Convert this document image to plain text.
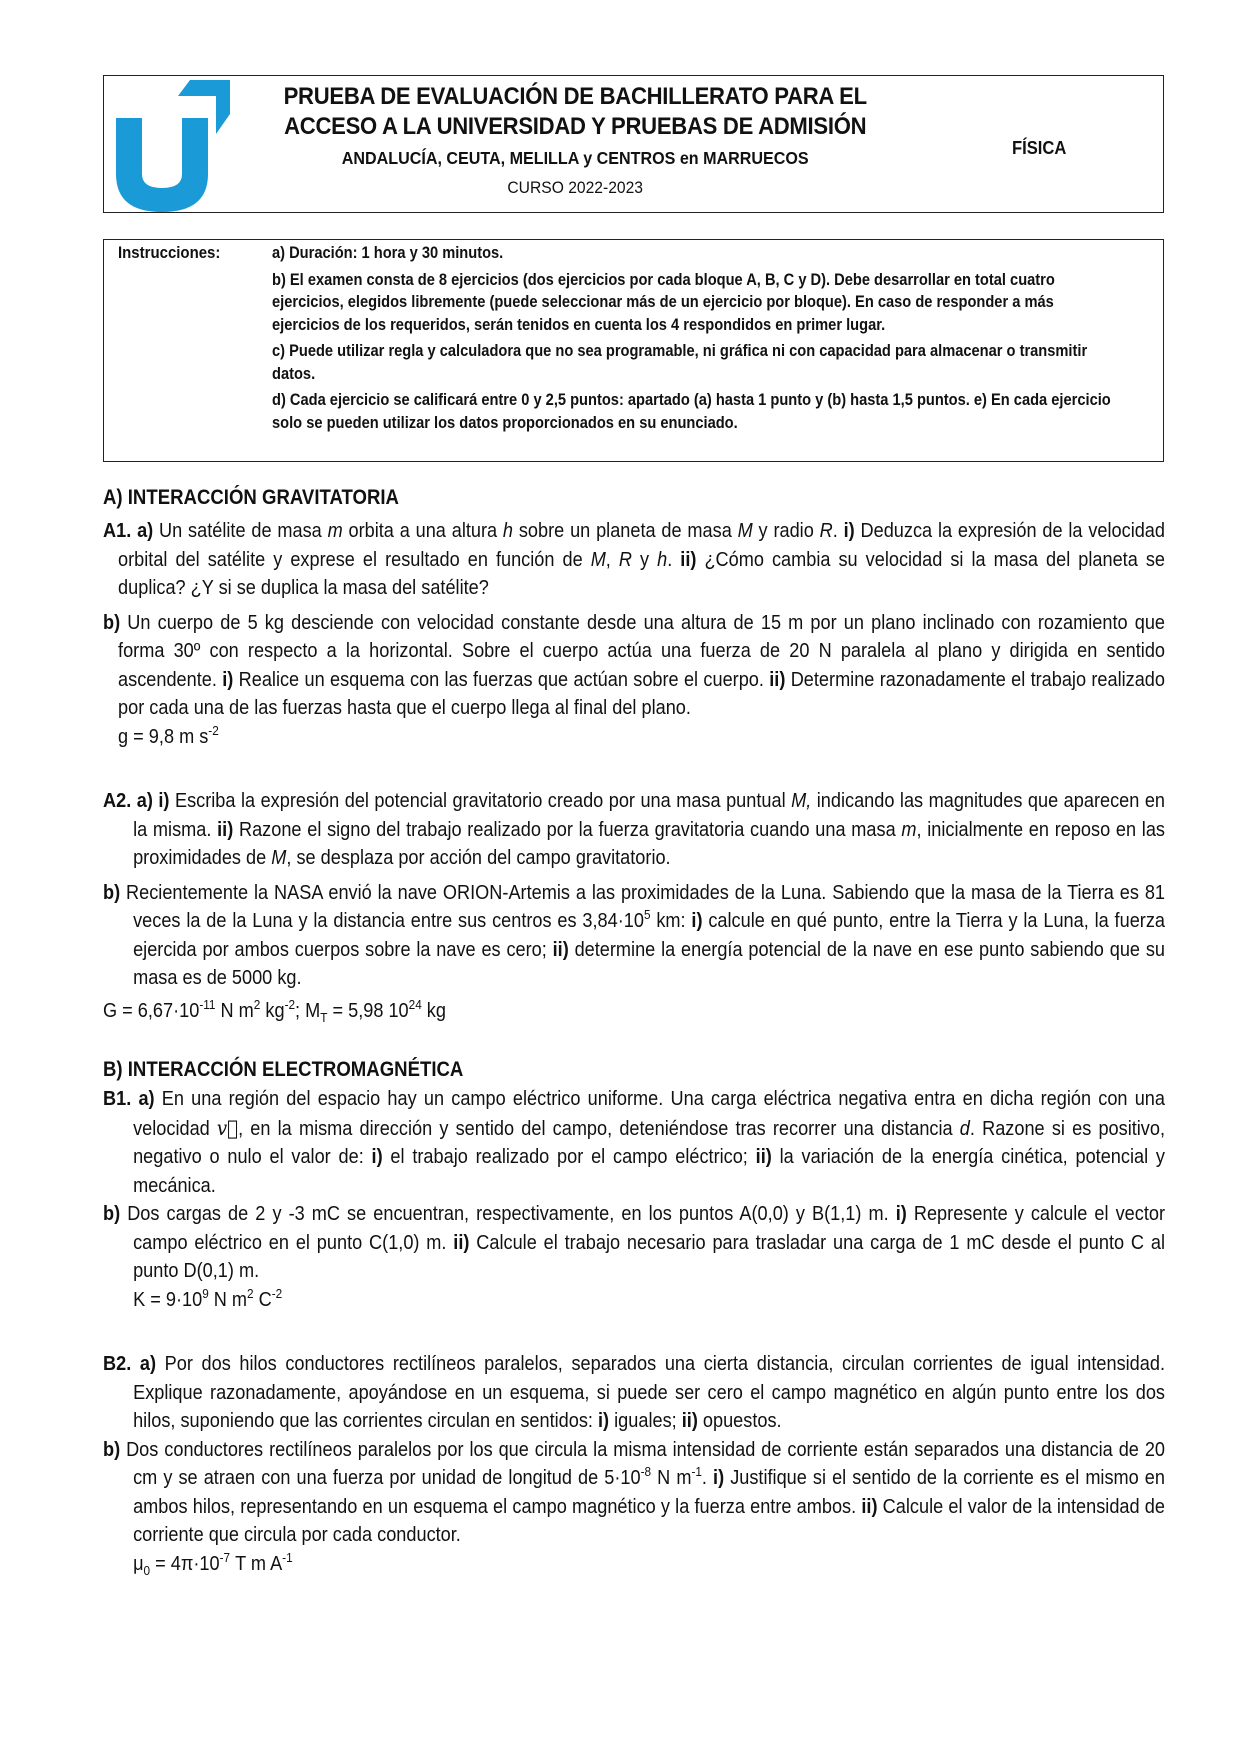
PRUEBA DE EVALUACIÓN DE BACHILLERATO PARA EL
ACCESO A LA UNIVERSIDAD Y PRUEBAS DE ADMISIÓN
ANDALUCÍA, CEUTA, MELILLA y CENTROS en MARRUECOS
CURSO 2022-2023
FÍSICA
Instrucciones:	a) Duración: 1 hora y 30 minutos.
b) El examen consta de 8 ejercicios (dos ejercicios por cada bloque A, B, C y D). Debe desarrollar en total cuatro ejercicios, elegidos libremente (puede seleccionar más de un ejercicio por bloque). En caso de responder a más ejercicios de los requeridos, serán tenidos en cuenta los 4 respondidos en primer lugar.
c) Puede utilizar regla y calculadora que no sea programable, ni gráfica ni con capacidad para almacenar o transmitir datos.
d) Cada ejercicio se calificará entre 0 y 2,5 puntos: apartado (a) hasta 1 punto y (b) hasta 1,5 puntos. e) En cada ejercicio solo se pueden utilizar los datos proporcionados en su enunciado.
A) INTERACCIÓN GRAVITATORIA
A1. a) Un satélite de masa m orbita a una altura h sobre un planeta de masa M y radio R. i) Deduzca la expresión de la velocidad orbital del satélite y exprese el resultado en función de M, R y h. ii) ¿Cómo cambia su velocidad si la masa del planeta se duplica? ¿Y si se duplica la masa del satélite?
b) Un cuerpo de 5 kg desciende con velocidad constante desde una altura de 15 m por un plano inclinado con rozamiento que forma 30º con respecto a la horizontal. Sobre el cuerpo actúa una fuerza de 20 N paralela al plano y dirigida en sentido ascendente. i) Realice un esquema con las fuerzas que actúan sobre el cuerpo. ii) Determine razonadamente el trabajo realizado por cada una de las fuerzas hasta que el cuerpo llega al final del plano.
g = 9,8 m $s^{-2}$
A2. a) i) Escriba la expresión del potencial gravitatorio creado por una masa puntual M, indicando las magnitudes que aparecen en la misma. ii) Razone el signo del trabajo realizado por la fuerza gravitatoria cuando una masa m, inicialmente en reposo en las proximidades de M, se desplaza por acción del campo gravitatorio.
b) Recientemente la NASA envió la nave ORION-Artemis a las proximidades de la Luna. Sabiendo que la masa de la Tierra es 81 veces la de la Luna y la distancia entre sus centros es $3,84\cdot 10^5$ km: i) calcule en qué punto, entre la Tierra y la Luna, la fuerza ejercida por ambos cuerpos sobre la nave es cero; ii) determine la energía potencial de la nave en ese punto sabiendo que su masa es de 5000 kg.
$G = 6,67\cdot 10^{-11}$ N $m^2$ $kg^{-2}$; $M_T = 5,98$ $10^{24}$ kg
B) INTERACCIÓN ELECTROMAGNÉTICA
B1. a) En una región del espacio hay un campo eléctrico uniforme. Una carga eléctrica negativa entra en dicha región con una velocidad v⃗, en la misma dirección y sentido del campo, deteniéndose tras recorrer una distancia d. Razone si es positivo, negativo o nulo el valor de: i) el trabajo realizado por el campo eléctrico; ii) la variación de la energía cinética, potencial y mecánica.
b) Dos cargas de 2 y -3 mC se encuentran, respectivamente, en los puntos A(0,0) y B(1,1) m. i) Represente y calcule el vector campo eléctrico en el punto C(1,0) m. ii) Calcule el trabajo necesario para trasladar una carga de 1 mC desde el punto C al punto D(0,1) m.
$K = 9\cdot 10^9$ N $m^2$ $C^{-2}$
B2. a) Por dos hilos conductores rectilíneos paralelos, separados una cierta distancia, circulan corrientes de igual intensidad. Explique razonadamente, apoyándose en un esquema, si puede ser cero el campo magnético en algún punto entre los dos hilos, suponiendo que las corrientes circulan en sentidos: i) iguales; ii) opuestos.
b) Dos conductores rectilíneos paralelos por los que circula la misma intensidad de corriente están separados una distancia de 20 cm y se atraen con una fuerza por unidad de longitud de $5\cdot 10^{-8}$ N $m^{-1}$. i) Justifique si el sentido de la corriente es el mismo en ambos hilos, representando en un esquema el campo magnético y la fuerza entre ambos. ii) Calcule el valor de la intensidad de corriente que circula por cada conductor.
$\mu_0 = 4\pi\cdot 10^{-7}$ T m $A^{-1}$
